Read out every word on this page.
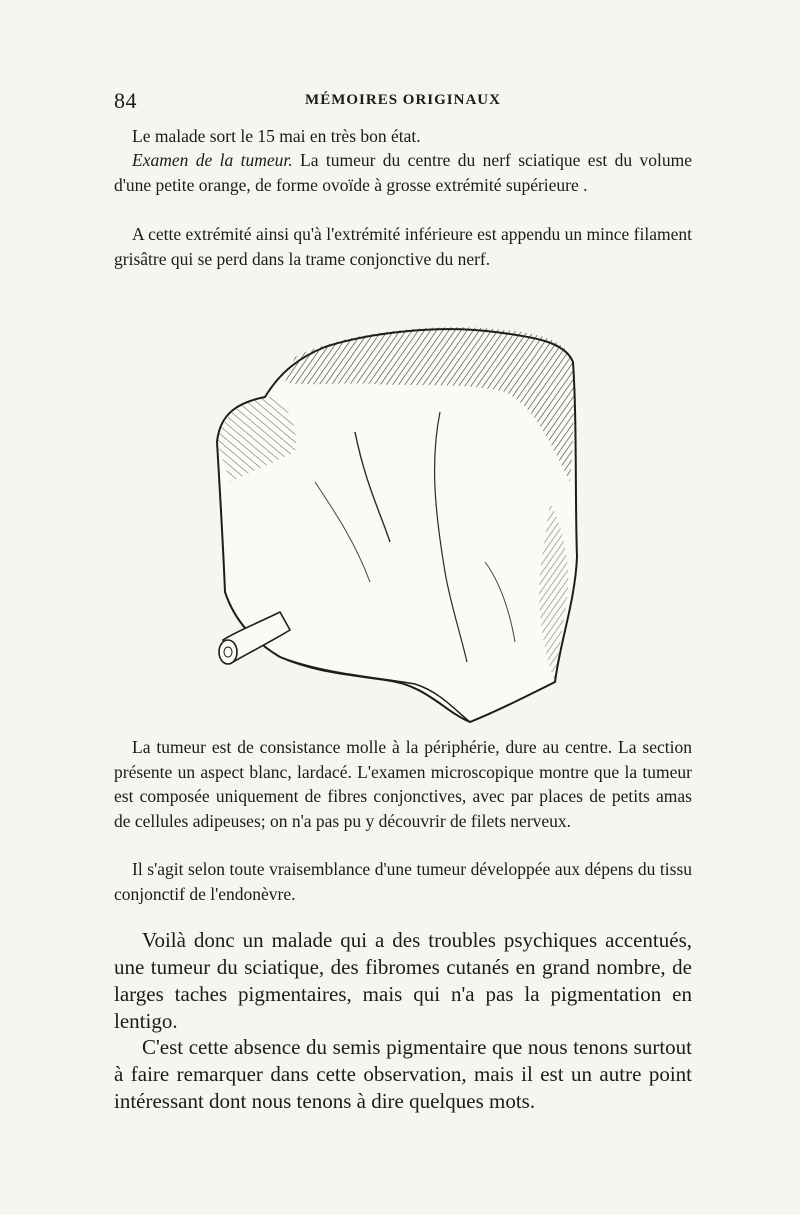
84	MÉMOIRES ORIGINAUX

Le malade sort le 15 mai en très bon état.

Examen de la tumeur. La tumeur du centre du nerf sciatique est du volume d'une petite orange, de forme ovoïde à grosse extrémité supérieure .

A cette extrémité ainsi qu'à l'extrémité inférieure est appendu un mince filament grisâtre qui se perd dans la trame conjonctive du nerf.

La tumeur est de consistance molle à la périphérie, dure au centre. La section présente un aspect blanc, lardacé. L'examen microscopique montre que la tumeur est composée uniquement de fibres conjonctives, avec par places de petits amas de cellules adipeuses; on n'a pas pu y découvrir de filets nerveux.

Il s'agit selon toute vraisemblance d'une tumeur développée aux dépens du tissu conjonctif de l'endonèvre.

Voilà donc un malade qui a des troubles psychiques accentués, une tumeur du sciatique, des fibromes cutanés en grand nombre, de larges taches pigmentaires, mais qui n'a pas la pigmentation en lentigo.

C'est cette absence du semis pigmentaire que nous tenons surtout à faire remarquer dans cette observation, mais il est un autre point intéressant dont nous tenons à dire quelques mots.
